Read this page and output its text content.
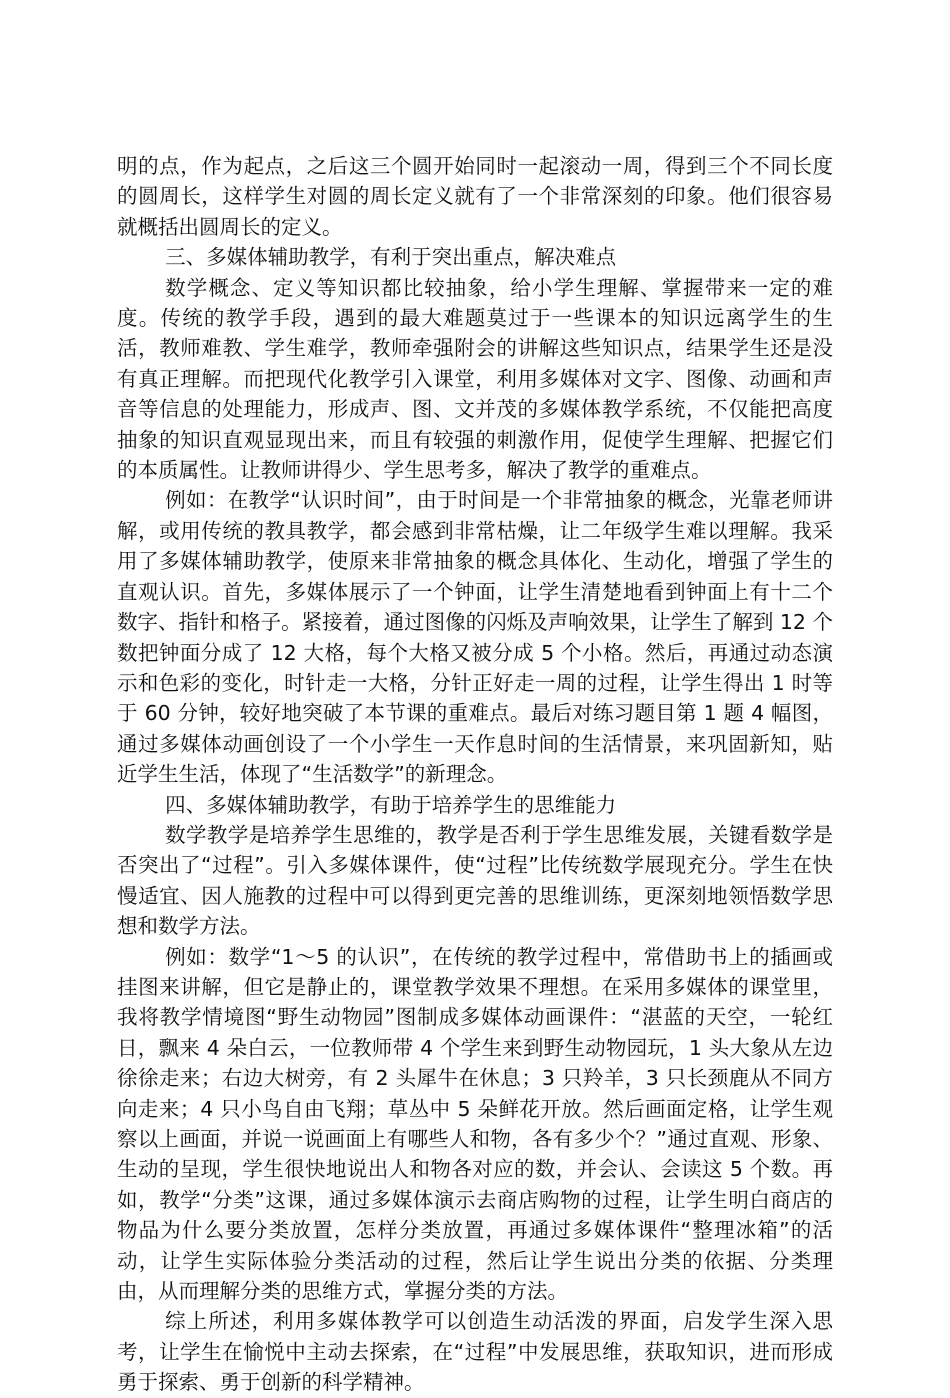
明的点，作为起点，之后这三个圆开始同时一起滚动一周，得到三个不同长度的圆周长，这样学生对圆的周长定义就有了一个非常深刻的印象。他们很容易就概括出圆周长的定义。

三、多媒体辅助教学，有利于突出重点，解决难点

数学概念、定义等知识都比较抽象，给小学生理解、掌握带来一定的难度。传统的教学手段，遇到的最大难题莫过于一些课本的知识远离学生的生活，教师难教、学生难学，教师牵强附会的讲解这些知识点，结果学生还是没有真正理解。而把现代化教学引入课堂，利用多媒体对文字、图像、动画和声音等信息的处理能力，形成声、图、文并茂的多媒体教学系统，不仅能把高度抽象的知识直观显现出来，而且有较强的刺激作用，促使学生理解、把握它们的本质属性。让教师讲得少、学生思考多，解决了教学的重难点。

例如：在教学“认识时间”，由于时间是一个非常抽象的概念，光靠老师讲解，或用传统的教具教学，都会感到非常枯燥，让二年级学生难以理解。我采用了多媒体辅助教学，使原来非常抽象的概念具体化、生动化，增强了学生的直观认识。首先，多媒体展示了一个钟面，让学生清楚地看到钟面上有十二个数字、指针和格子。紧接着，通过图像的闪烁及声响效果，让学生了解到 12 个数把钟面分成了 12 大格，每个大格又被分成 5 个小格。然后，再通过动态演示和色彩的变化，时针走一大格，分针正好走一周的过程，让学生得出 1 时等于 60 分钟，较好地突破了本节课的重难点。最后对练习题目第 1 题 4 幅图，通过多媒体动画创设了一个小学生一天作息时间的生活情景，来巩固新知，贴近学生生活，体现了“生活数学”的新理念。

四、多媒体辅助教学，有助于培养学生的思维能力

数学教学是培养学生思维的，教学是否利于学生思维发展，关键看数学是否突出了“过程”。引入多媒体课件，使“过程”比传统数学展现充分。学生在快慢适宜、因人施教的过程中可以得到更完善的思维训练，更深刻地领悟数学思想和数学方法。

例如：数学“1～5 的认识”，在传统的教学过程中，常借助书上的插画或挂图来讲解，但它是静止的，课堂教学效果不理想。在采用多媒体的课堂里，我将教学情境图“野生动物园”图制成多媒体动画课件：“湛蓝的天空，一轮红日，飘来 4 朵白云，一位教师带 4 个学生来到野生动物园玩，1 头大象从左边徐徐走来；右边大树旁，有 2 头犀牛在休息；3 只羚羊，3 只长颈鹿从不同方向走来；4 只小鸟自由飞翔；草丛中 5 朵鲜花开放。然后画面定格，让学生观察以上画面，并说一说画面上有哪些人和物，各有多少个？”通过直观、形象、生动的呈现，学生很快地说出人和物各对应的数，并会认、会读这 5 个数。再如，教学“分类”这课，通过多媒体演示去商店购物的过程，让学生明白商店的物品为什么要分类放置，怎样分类放置，再通过多媒体课件“整理冰箱”的活动，让学生实际体验分类活动的过程，然后让学生说出分类的依据、分类理由，从而理解分类的思维方式，掌握分类的方法。

综上所述，利用多媒体教学可以创造生动活泼的界面，启发学生深入思考，让学生在愉悦中主动去探索，在“过程”中发展思维，获取知识，进而形成勇于探索、勇于创新的科学精神。
